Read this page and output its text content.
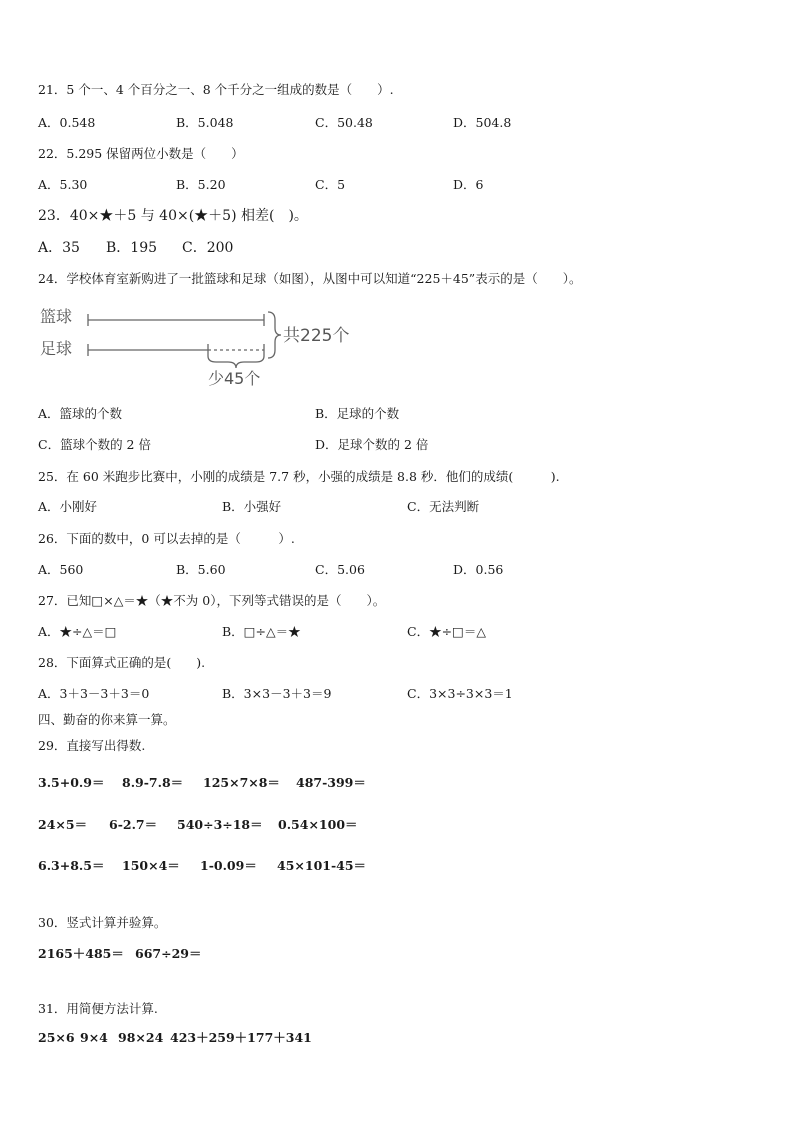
21．5 个一、4 个百分之一、8 个千分之一组成的数是（　　）.
A．0.548	B．5.048	C．50.48	D．504.8
22．5.295 保留两位小数是（　　）
A．5.30	B．5.20	C．5	D．6
23．40×★＋5 与 40×(★＋5) 相差(　)。
A．35 B．195 C．200
24．学校体育室新购进了一批篮球和足球（如图），从图中可以知道“225＋45”表示的是（　　）。
篮球
足球
共225个
少45个
A．篮球的个数	B．足球的个数
C．篮球个数的 2 倍	D．足球个数的 2 倍
25．在 60 米跑步比赛中，小刚的成绩是 7.7 秒，小强的成绩是 8.8 秒．他们的成绩(　　　).
A．小刚好	B．小强好	C．无法判断
26．下面的数中，0 可以去掉的是（　　　）.
A．560	B．5.60	C．5.06	D．0.56
27．已知□×△＝★（★不为 0），下列等式错误的是（　　）。
A．★÷△＝□	B．□÷△＝★	C．★÷□＝△
28．下面算式正确的是(　　).
A．3＋3－3＋3＝0	B．3×3－3＋3＝9	C．3×3÷3×3＝1
四、勤奋的你来算一算。
29．直接写出得数.
3.5+0.9＝ 8.9-7.8＝ 125×7×8＝ 487-399＝
24×5＝ 6-2.7＝ 540÷3÷18＝ 0.54×100＝
6.3+8.5＝ 150×4＝ 1-0.09＝ 45×101-45＝
30．竖式计算并验算。
2165＋485＝ 667÷29＝
31．用简便方法计算.
25×6 9×4 98×24 423＋259＋177＋341
